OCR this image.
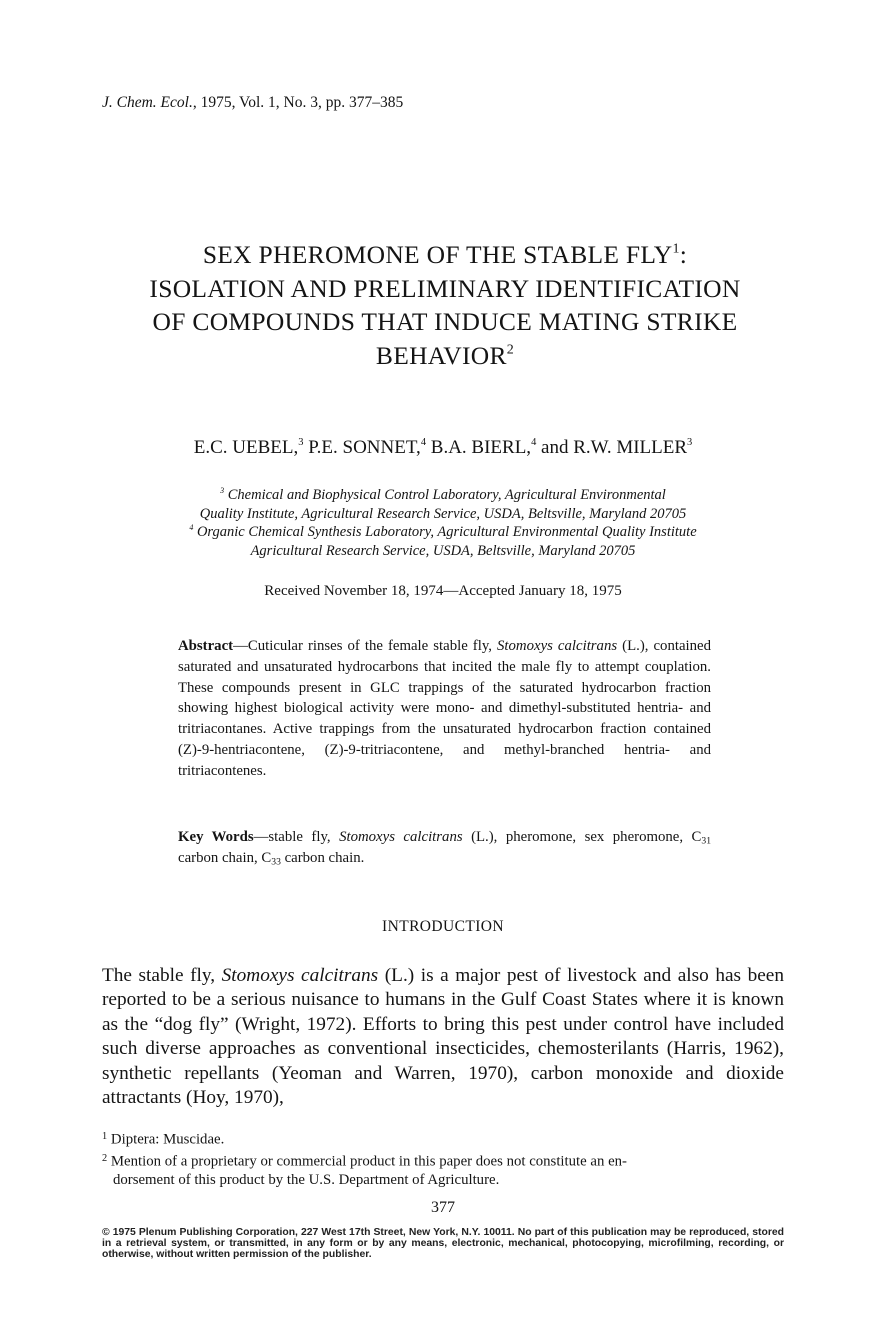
J. Chem. Ecol., 1975, Vol. 1, No. 3, pp. 377–385
SEX PHEROMONE OF THE STABLE FLY$^1$:
ISOLATION AND PRELIMINARY IDENTIFICATION
OF COMPOUNDS THAT INDUCE MATING STRIKE
BEHAVIOR$^2$
E.C. UEBEL,$^3$ P.E. SONNET,$^4$ B.A. BIERL,$^4$ and R.W. MILLER$^3$
$^3$ Chemical and Biophysical Control Laboratory, Agricultural Environmental
Quality Institute, Agricultural Research Service, USDA, Beltsville, Maryland 20705
$^4$ Organic Chemical Synthesis Laboratory, Agricultural Environmental Quality Institute
Agricultural Research Service, USDA, Beltsville, Maryland 20705
Received November 18, 1974—Accepted January 18, 1975
Abstract—Cuticular rinses of the female stable fly, Stomoxys calcitrans (L.), contained saturated and unsaturated hydrocarbons that incited the male fly to attempt couplation. These compounds present in GLC trappings of the saturated hydrocarbon fraction showing highest biological activity were mono- and dimethyl-substituted hentria- and tritriacontanes. Active trappings from the unsaturated hydrocarbon fraction contained (Z)-9-hentriacontene, (Z)-9-tritriacontene, and methyl-branched hentria- and tritriacontenes.
Key Words—stable fly, Stomoxys calcitrans (L.), pheromone, sex pheromone, $C_{31}$ carbon chain, $C_{33}$ carbon chain.
INTRODUCTION
The stable fly, Stomoxys calcitrans (L.) is a major pest of livestock and also has been reported to be a serious nuisance to humans in the Gulf Coast States where it is known as the “dog fly” (Wright, 1972). Efforts to bring this pest under control have included such diverse approaches as conventional insecticides, chemosterilants (Harris, 1962), synthetic repellants (Yeoman and Warren, 1970), carbon monoxide and dioxide attractants (Hoy, 1970),
$^1$ Diptera: Muscidae.
$^2$ Mention of a proprietary or commercial product in this paper does not constitute an en-
dorsement of this product by the U.S. Department of Agriculture.
377
© 1975 Plenum Publishing Corporation, 227 West 17th Street, New York, N.Y. 10011. No part of this publication may be reproduced, stored in a retrieval system, or transmitted, in any form or by any means, electronic, mechanical, photocopying, microfilming, recording, or otherwise, without written permission of the publisher.
